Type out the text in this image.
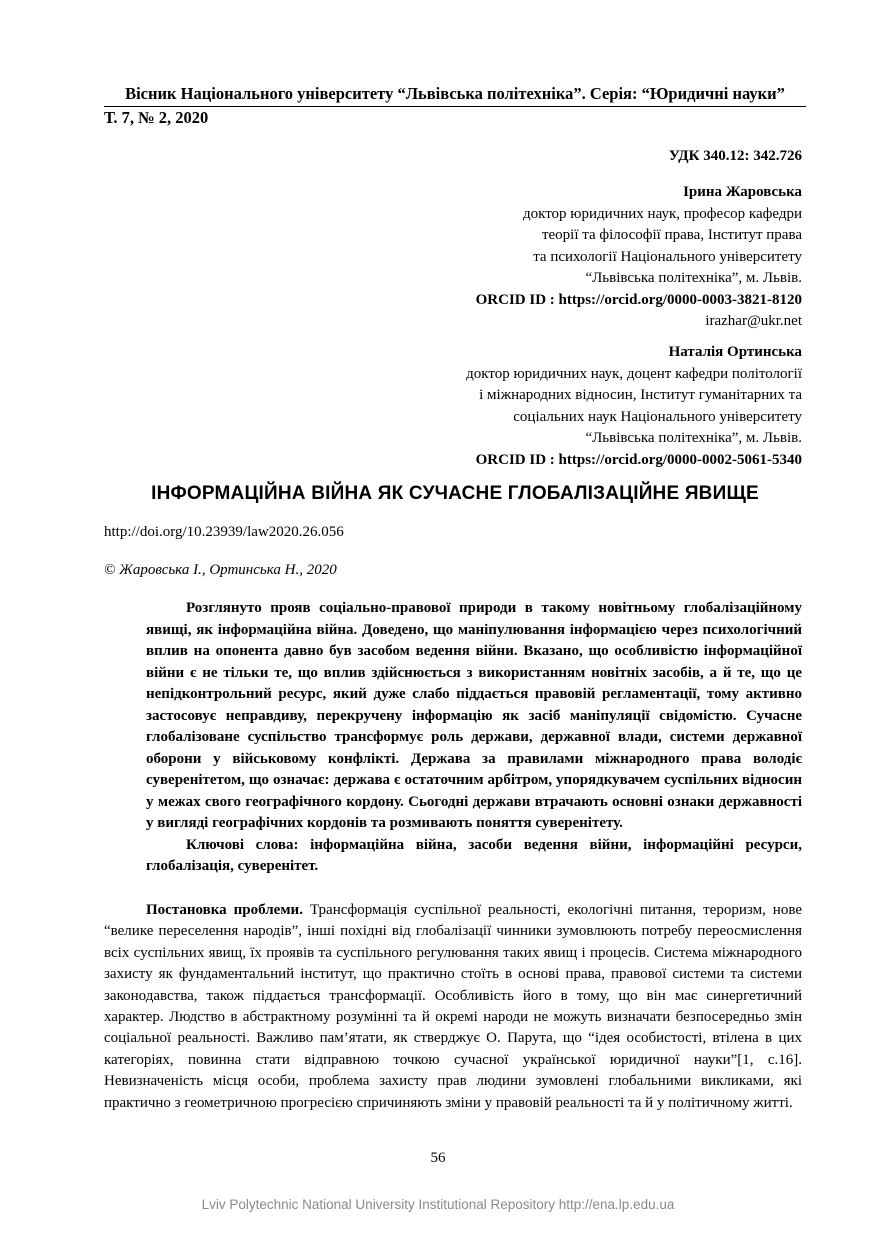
Вісник Національного університету “Львівська політехніка”. Серія: “Юридичні науки”
Т. 7, № 2, 2020
УДК 340.12: 342.726
Ірина Жаровська
доктор юридичних наук, професор кафедри
теорії та філософії права, Інститут права
та психології Національного університету
“Львівська політехніка”, м. Львів.
ORCID ID : https://orcid.org/0000-0003-3821-8120
irazhar@ukr.net
Наталія Ортинська
доктор юридичних наук, доцент кафедри політології
і міжнародних відносин, Інститут гуманітарних та
соціальних наук Національного університету
“Львівська політехніка”, м. Львів.
ORCID ID : https://orcid.org/0000-0002-5061-5340
ІНФОРМАЦІЙНА ВІЙНА ЯК СУЧАСНЕ ГЛОБАЛІЗАЦІЙНЕ ЯВИЩЕ
http://doi.org/10.23939/law2020.26.056
© Жаровська І., Ортинська Н., 2020

Розглянуто прояв соціально-правової природи в такому новітньому глобалізаційному явищі, як інформаційна війна. Доведено, що маніпулювання інформацією через психологічний вплив на опонента давно був засобом ведення війни. Вказано, що особливістю інформаційної війни є не тільки те, що вплив здійснюється з використанням новітніх засобів, а й те, що це непідконтрольний ресурс, який дуже слабо піддається правовій регламентації, тому активно застосовує неправдиву, перекручену інформацію як засіб маніпуляції свідомістю. Сучасне глобалізоване суспільство трансформує роль держави, державної влади, системи державної оборони у військовому конфлікті. Держава за правилами міжнародного права володіє суверенітетом, що означає: держава є остаточним арбітром, упорядкувачем суспільних відносин у межах свого географічного кордону. Сьогодні держави втрачають основні ознаки державності у вигляді географічних кордонів та розмивають поняття суверенітету.

Ключові слова: інформаційна війна, засоби ведення війни, інформаційні ресурси, глобалізація, суверенітет.

Постановка проблеми. Трансформація суспільної реальності, екологічні питання, тероризм, нове “велике переселення народів”, інші похідні від глобалізації чинники зумовлюють потребу переосмислення всіх суспільних явищ, їх проявів та суспільного регулювання таких явищ і процесів. Система міжнародного захисту як фундаментальний інститут, що практично стоїть в основі права, правової системи та системи законодавства, також піддається трансформації. Особливість його в тому, що він має синергетичний характер. Людство в абстрактному розумінні та й окремі народи не можуть визначати безпосередньо змін соціальної реальності. Важливо пам’ятати, як стверджує О. Парута, що “ідея особистості, втілена в цих категоріях, повинна стати відправною точкою сучасної української юридичної науки”[1, с.16]. Невизначеність місця особи, проблема захисту прав людини зумовлені глобальними викликами, які практично з геометричною прогресією спричиняють зміни у правовій реальності та й у політичному житті.

56
Lviv Polytechnic National University Institutional Repository http://ena.lp.edu.ua
